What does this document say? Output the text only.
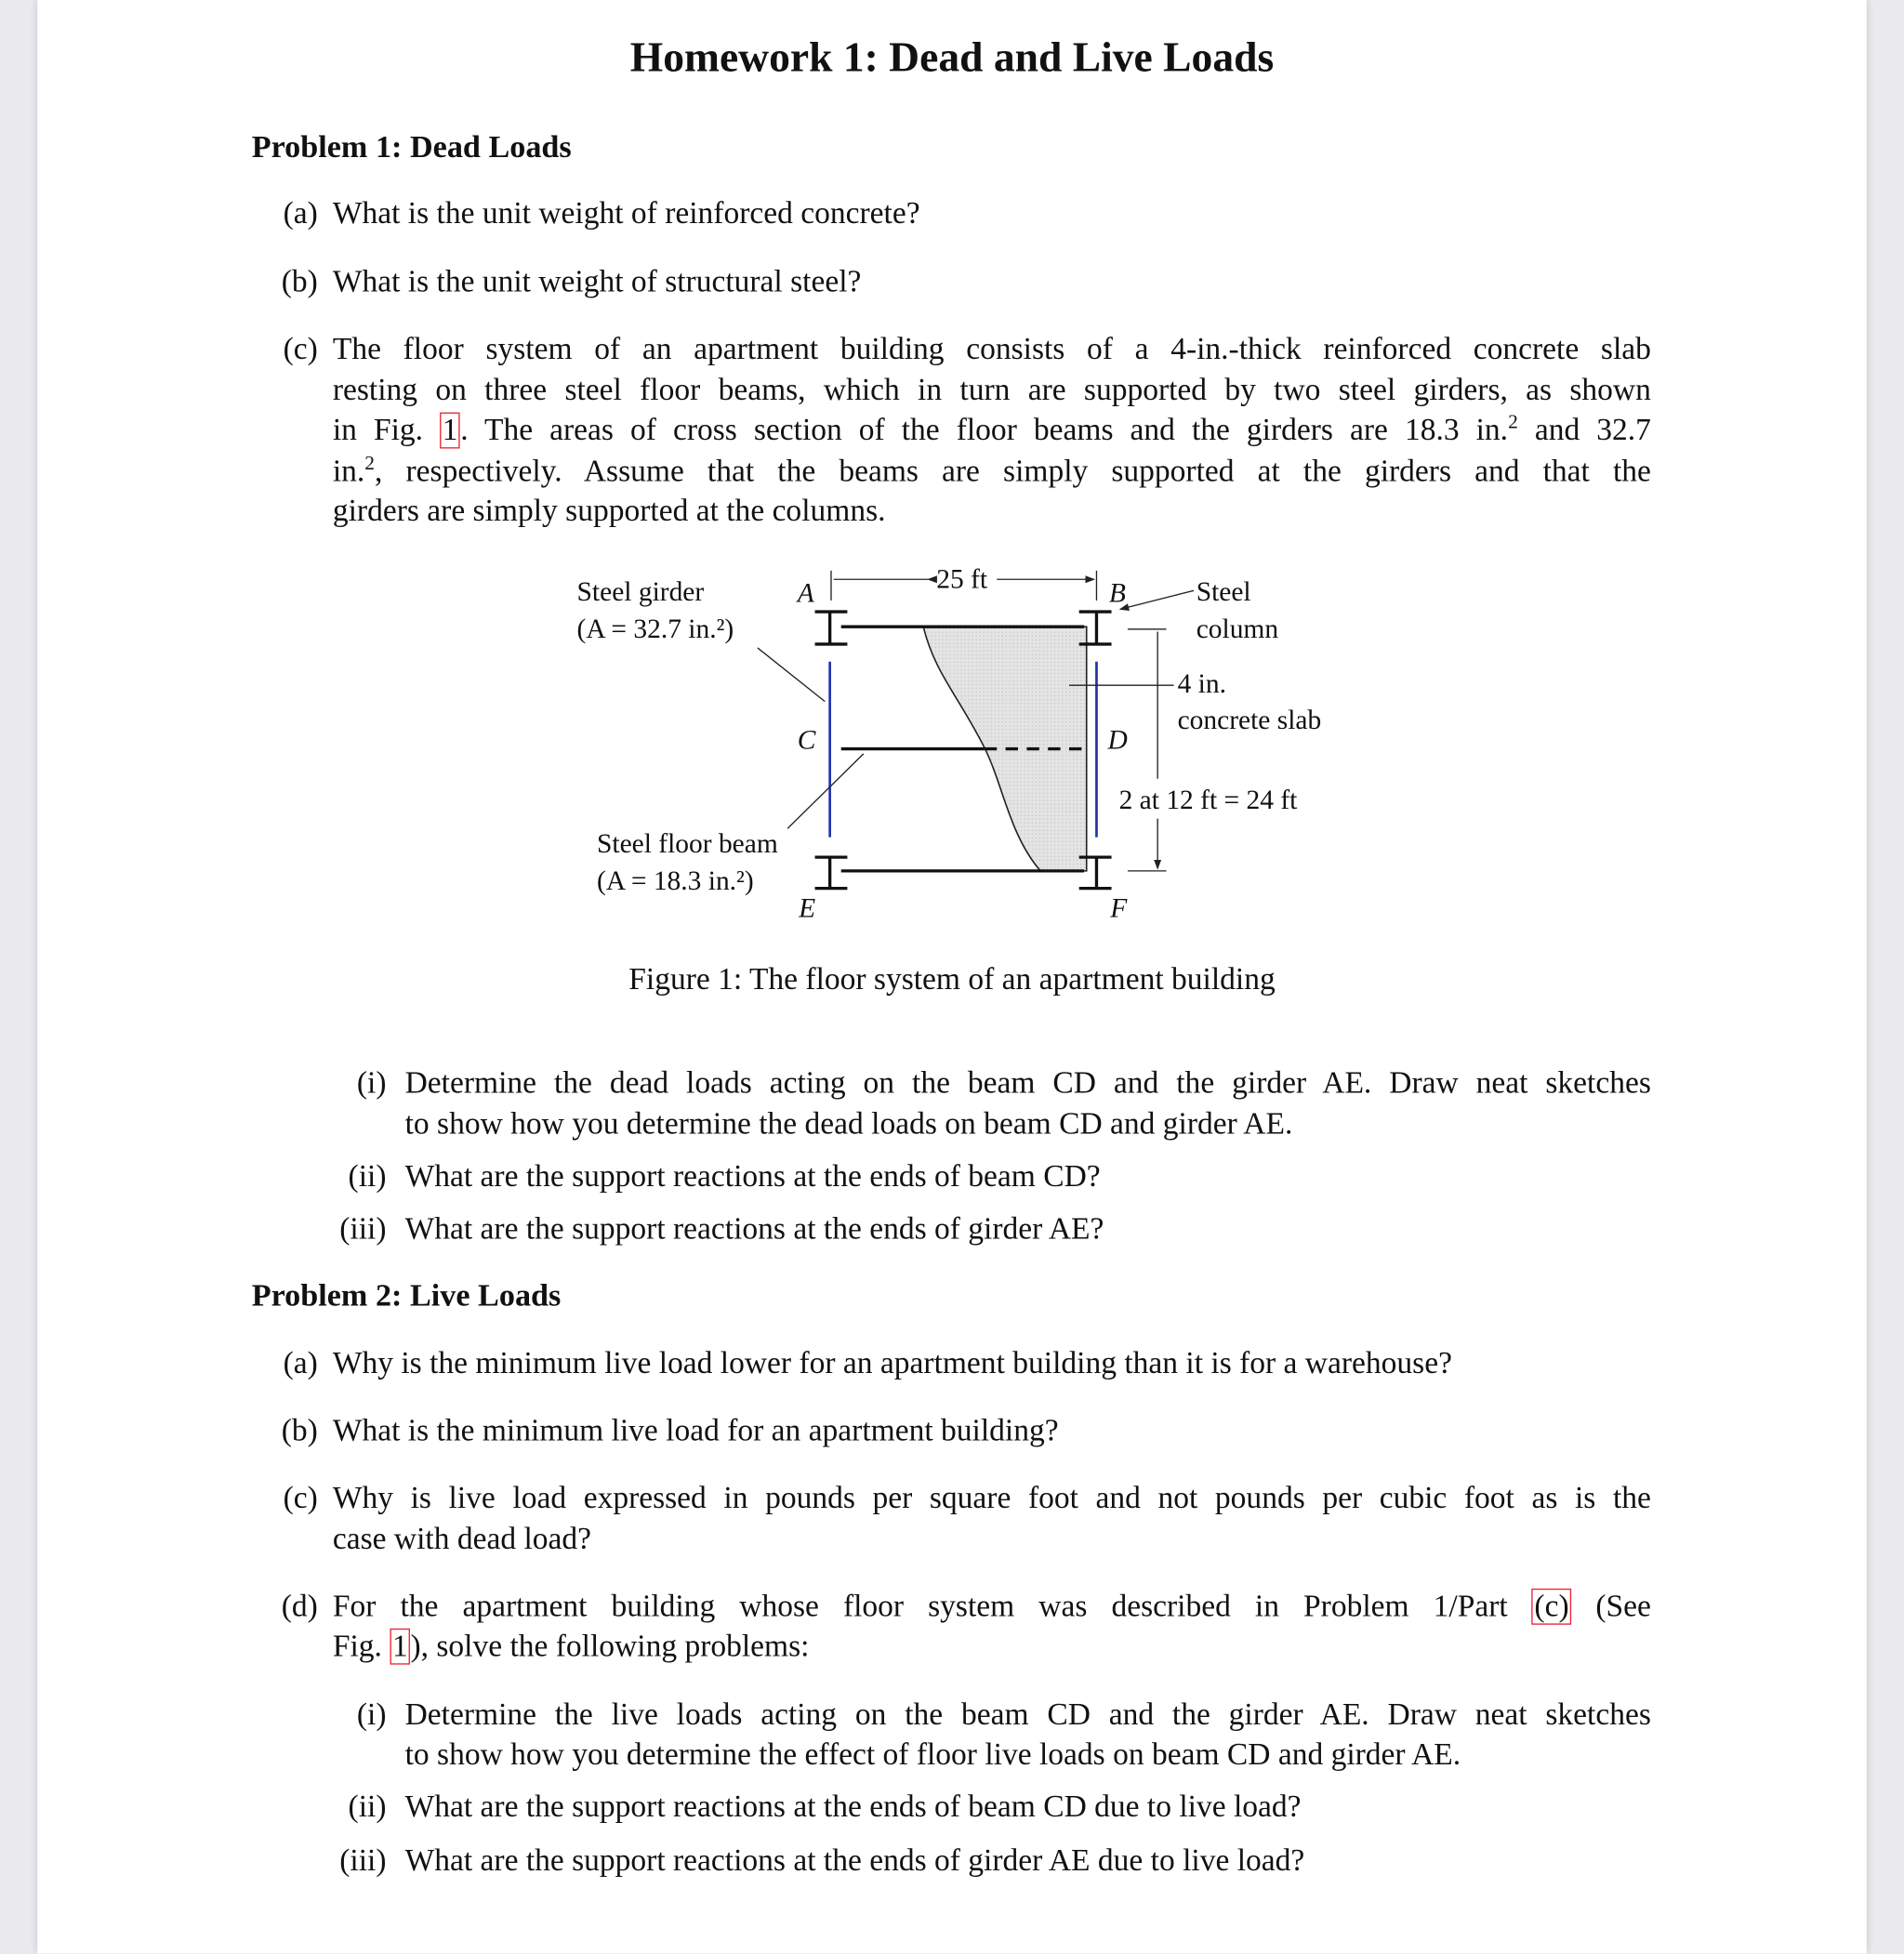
Homework 1: Dead and Live Loads
Problem 1: Dead Loads
(a) What is the unit weight of reinforced concrete?
(b) What is the unit weight of structural steel?
(c) The floor system of an apartment building consists of a 4-in.-thick reinforced concrete slab
resting on three steel floor beams, which in turn are supported by two steel girders, as shown
in Fig. 1 . The areas of cross section of the floor beams and the girders are 18.3 in.$^2$ and 32.7
in.$^2$, respectively. Assume that the beams are simply supported at the girders and that the
girders are simply supported at the columns.
Steel girder
(A = 32.7 in.²)
Steel floor beam
(A = 18.3 in.²)
Steel
column
4 in.
concrete slab
25 ft
2 at 12 ft = 24 ft
A	B
C	D
E	F
Figure 1: The floor system of an apartment building
(i) Determine the dead loads acting on the beam CD and the girder AE. Draw neat sketches
to show how you determine the dead loads on beam CD and girder AE.
(ii) What are the support reactions at the ends of beam CD?
(iii) What are the support reactions at the ends of girder AE?
Problem 2: Live Loads
(a) Why is the minimum live load lower for an apartment building than it is for a warehouse?
(b) What is the minimum live load for an apartment building?
(c) Why is live load expressed in pounds per square foot and not pounds per cubic foot as is the
case with dead load?
(d) For the apartment building whose floor system was described in Problem 1/Part (c) (See
Fig. 1 ), solve the following problems:
(i) Determine the live loads acting on the beam CD and the girder AE. Draw neat sketches
to show how you determine the effect of floor live loads on beam CD and girder AE.
(ii) What are the support reactions at the ends of beam CD due to live load?
(iii) What are the support reactions at the ends of girder AE due to live load?
